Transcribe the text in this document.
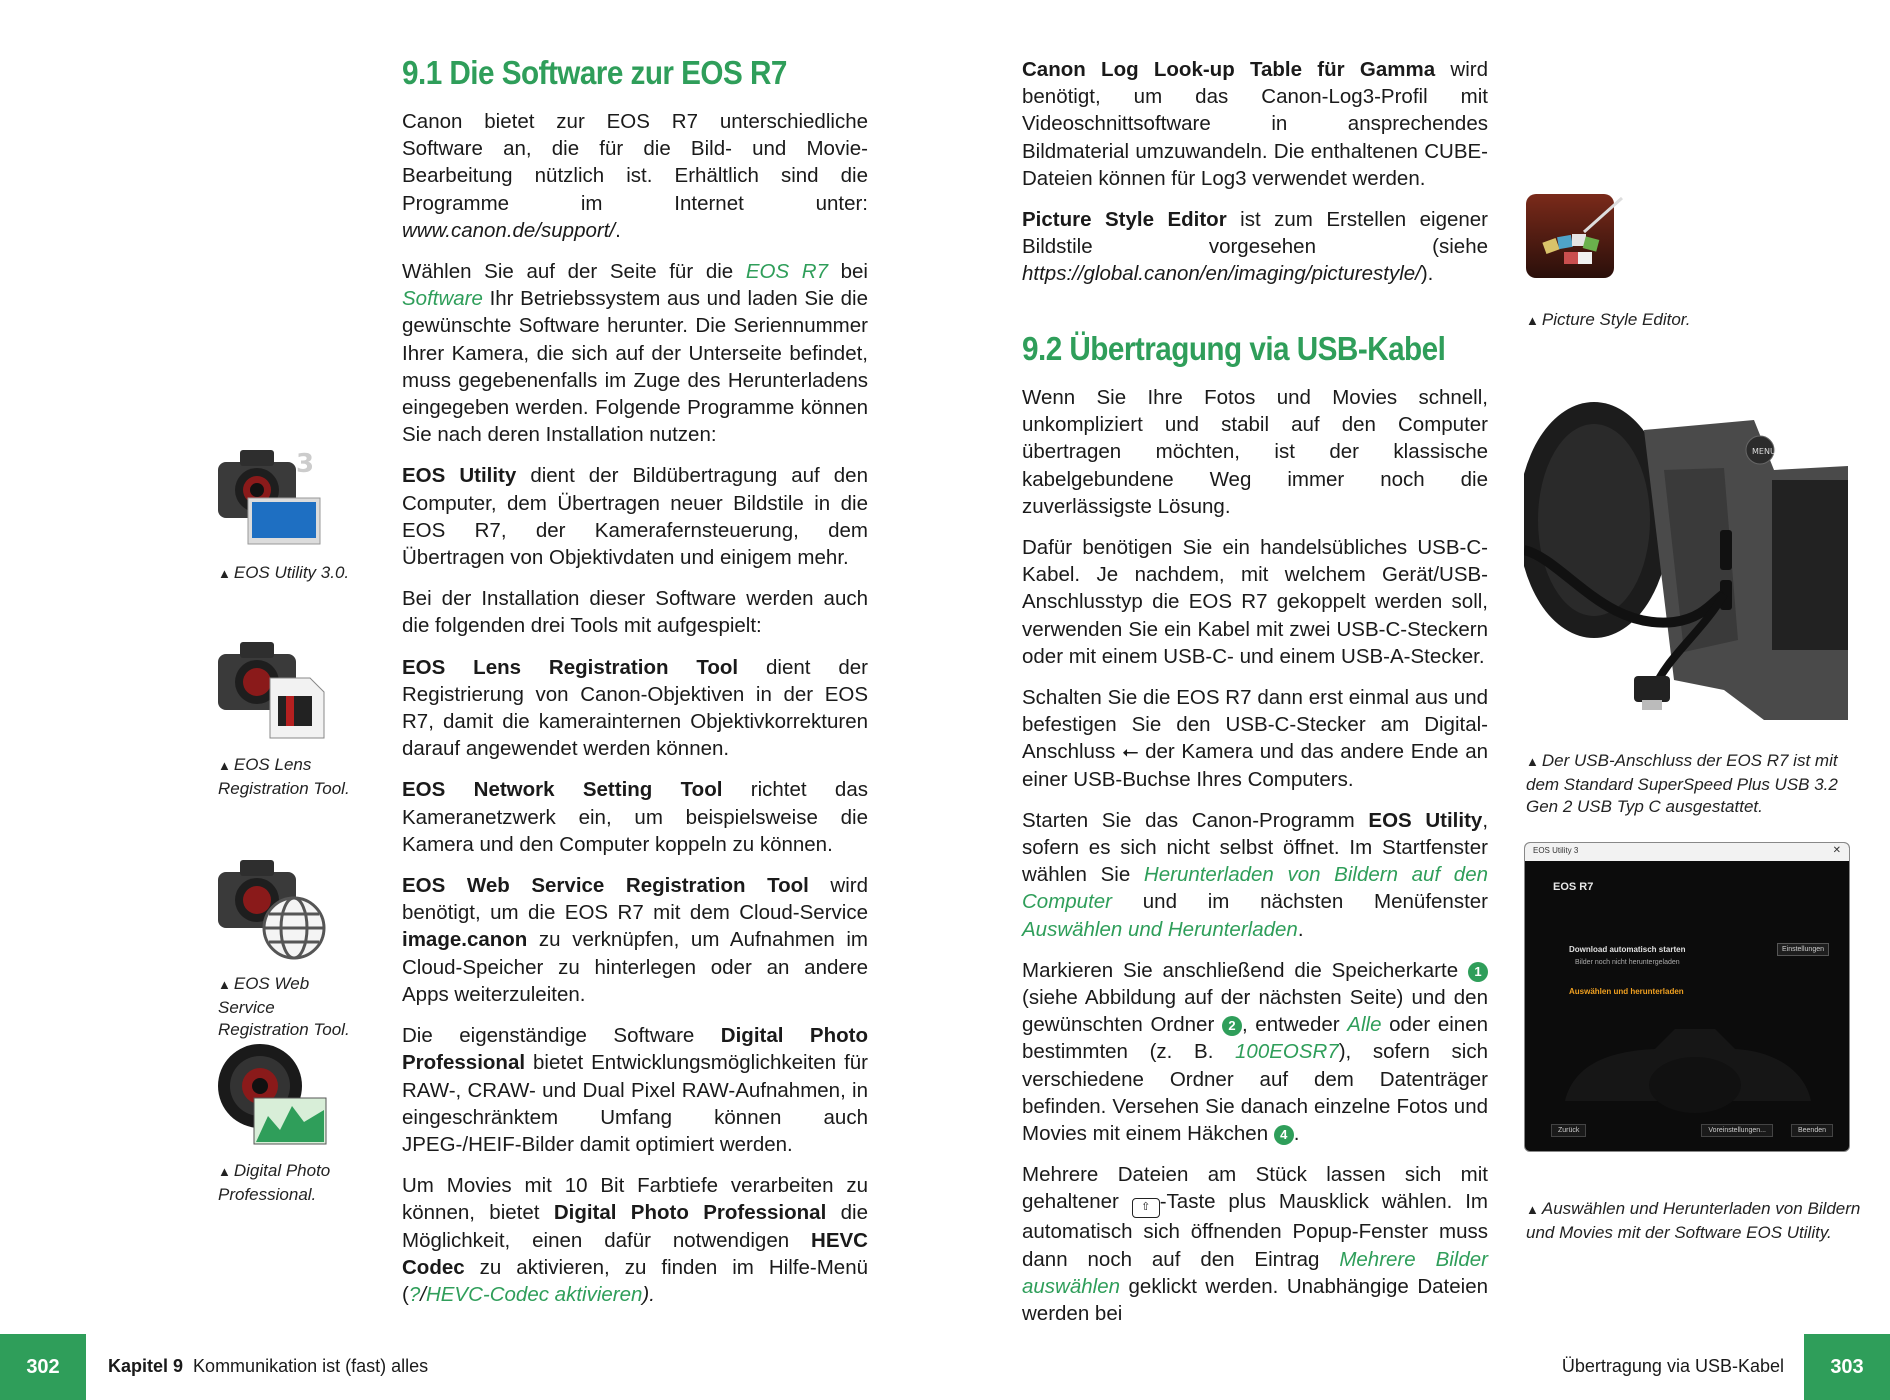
9.1 Die Software zur EOS R7

Canon bietet zur EOS R7 unterschiedliche Software an, die für die Bild- und Movie-Bearbeitung nützlich ist. Erhältlich sind die Programme im Internet unter: www.canon.de/support/.

Wählen Sie auf der Seite für die EOS R7 bei Software Ihr Betriebssystem aus und laden Sie die gewünschte Software herunter. Die Seriennummer Ihrer Kamera, die sich auf der Unterseite befindet, muss gegebenenfalls im Zuge des Herunterladens eingegeben werden. Folgende Programme können Sie nach deren Installation nutzen:

EOS Utility dient der Bildübertragung auf den Computer, dem Übertragen neuer Bildstile in die EOS R7, der Kamerafernsteuerung, dem Übertragen von Objektivdaten und einigem mehr.

Bei der Installation dieser Software werden auch die folgenden drei Tools mit aufgespielt:

EOS Lens Registration Tool dient der Registrierung von Canon-Objektiven in der EOS R7, damit die kamerainternen Objektivkorrekturen darauf angewendet werden können.

EOS Network Setting Tool richtet das Kameranetzwerk ein, um beispielsweise die Kamera und den Computer koppeln zu können.

EOS Web Service Registration Tool wird benötigt, um die EOS R7 mit dem Cloud-Service image.canon zu verknüpfen, um Aufnahmen im Cloud-Speicher zu hinterlegen oder an andere Apps weiterzuleiten.

Die eigenständige Software Digital Photo Professional bietet Entwicklungsmöglichkeiten für RAW-, CRAW- und Dual Pixel RAW-Aufnahmen, in eingeschränktem Umfang können auch JPEG-/HEIF-Bilder damit optimiert werden.

Um Movies mit 10 Bit Farbtiefe verarbeiten zu können, bietet Digital Photo Professional die Möglichkeit, einen dafür notwendigen HEVC Codec zu aktivieren, zu finden im Hilfe-Menü (?/HEVC-Codec aktivieren).

3
▲ EOS Utility 3.0.
▲ EOS Lens Registration Tool.
▲ EOS Web Service Registration Tool.
▲ Digital Photo Professional.

Canon Log Look-up Table für Gamma wird benötigt, um das Canon-Log3-Profil mit Videoschnittsoftware in ansprechendes Bildmaterial umzuwandeln. Die enthaltenen CUBE-Dateien können für Log3 verwendet werden.

Picture Style Editor ist zum Erstellen eigener Bildstile vorgesehen (siehe https://global.canon/en/imaging/picturestyle/).

9.2 Übertragung via USB-Kabel

Wenn Sie Ihre Fotos und Movies schnell, unkompliziert und stabil auf den Computer übertragen möchten, ist der klassische kabelgebundene Weg immer noch die zuverlässigste Lösung.

Dafür benötigen Sie ein handelsübliches USB-C-Kabel. Je nachdem, mit welchem Gerät/USB-Anschlusstyp die EOS R7 gekoppelt werden soll, verwenden Sie ein Kabel mit zwei USB-C-Steckern oder mit einem USB-C- und einem USB-A-Stecker.

Schalten Sie die EOS R7 dann erst einmal aus und befestigen Sie den USB-C-Stecker am Digital-Anschluss ⭠ der Kamera und das andere Ende an einer USB-Buchse Ihres Computers.

Starten Sie das Canon-Programm EOS Utility, sofern es sich nicht selbst öffnet. Im Startfenster wählen Sie Herunterladen von Bildern auf den Computer und im nächsten Menüfenster Auswählen und Herunterladen.

Markieren Sie anschließend die Speicherkarte 1 (siehe Abbildung auf der nächsten Seite) und den gewünschten Ordner 2 , entweder Alle oder einen bestimmten (z. B. 100EOSR7), sofern sich verschiedene Ordner auf dem Datenträger befinden. Versehen Sie danach einzelne Fotos und Movies mit einem Häkchen 4 .

Mehrere Dateien am Stück lassen sich mit gehaltener ⇧ -Taste plus Mausklick wählen. Im automatisch sich öffnenden Popup-Fenster muss dann noch auf den Eintrag Mehrere Bilder auswählen geklickt werden. Unabhängige Dateien werden bei

▲ Picture Style Editor.
MENU
▲ Der USB-Anschluss der EOS R7 ist mit dem Standard SuperSpeed Plus USB 3.2 Gen 2 USB Typ C ausgestattet.
EOS Utility 3	✕
EOS R7
Download automatisch starten
Bilder noch nicht heruntergeladen
Einstellungen
Auswählen und herunterladen
Zurück	Voreinstellungen...	Beenden
▲ Auswählen und Herunterladen von Bildern und Movies mit der Software EOS Utility.
302	Kapitel 9 Kommunikation ist (fast) alles	Übertragung via USB-Kabel	303
